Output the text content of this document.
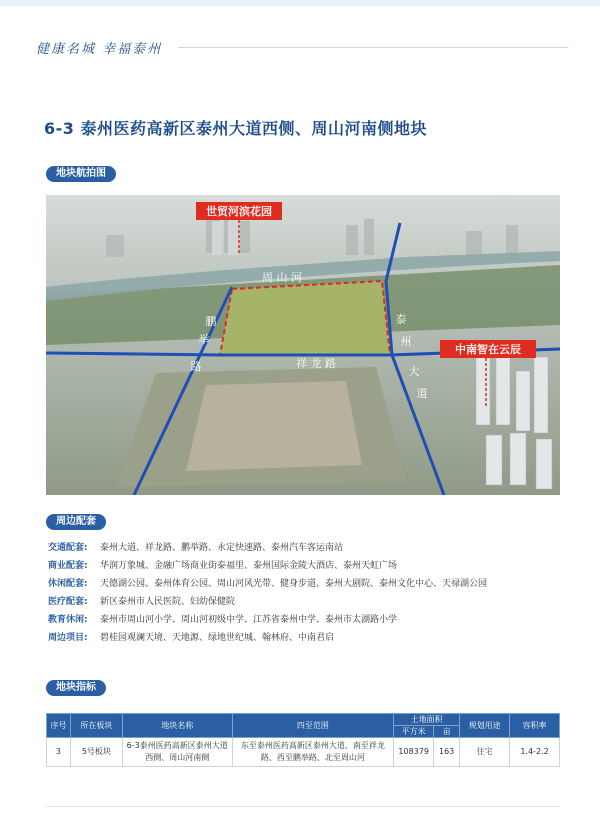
健康名城 幸福泰州
6-3 泰州医药高新区泰州大道西侧、周山河南侧地块
地块航拍图
世贸河滨花园
中南智在云辰
周 山 河
祥 龙 路
鹏
举
路
泰
州
大
道
周边配套
交通配套:	泰州大道、祥龙路、鹏举路、永定快速路、泰州汽车客运南站
商业配套:	华润万象城、金融广场商业街泰福里、泰州国际金陵大酒店、泰州天虹广场
休闲配套:	天德湖公园、泰州体育公园、周山河风光带、健身步道、泰州大剧院、泰州文化中心、天禄湖公园
医疗配套:	新区泰州市人民医院、妇幼保健院
教育休闲:	泰州市周山河小学、周山河初级中学、江苏省泰州中学、泰州市太湖路小学
周边项目:	碧桂园观澜天境、天地源、绿地世纪城、翰林府、中南君启
地块指标
序号	所在板块	地块名称	四至范围	土地面积		规划用途	容积率
				平方米	亩		
3	5号板块	6-3泰州医药高新区泰州大道西侧、周山河南侧	东至泰州医药高新区泰州大道、南至祥龙路、西至鹏举路、北至周山河	108379	163	住宅	1.4-2.2
